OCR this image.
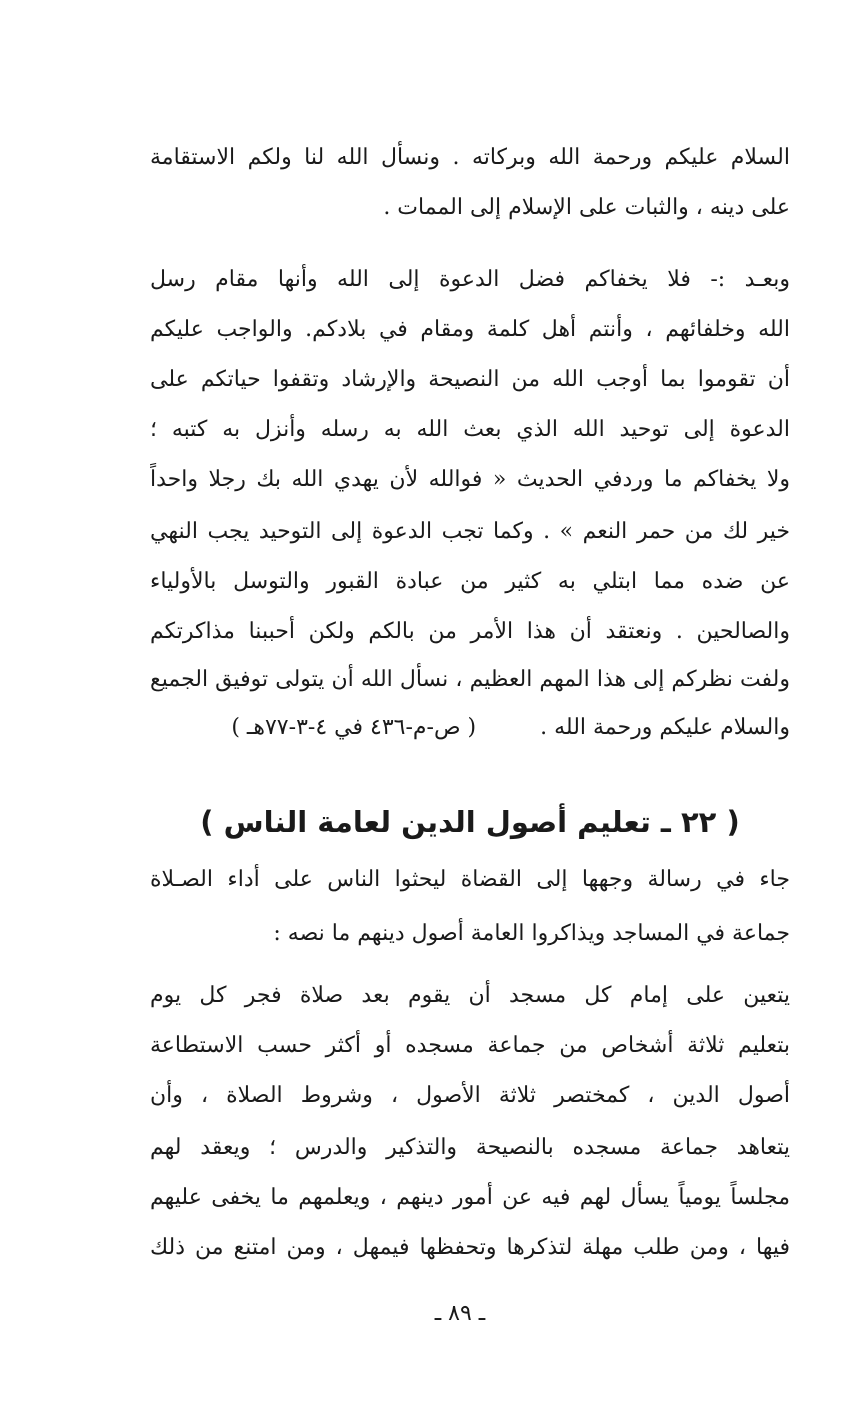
السلام عليكم ورحمة الله وبركاته . ونسأل الله لنا ولكم الاستقامة
على دينه ، والثبات على الإسلام إلى الممات .
وبعـد :- فلا يخفاكم فضل الدعوة إلى الله وأنها مقام رسل
الله وخلفائهم ، وأنتم أهل كلمة ومقام في بلادكم. والواجب عليكم
أن تقوموا بما أوجب الله من النصيحة والإرشاد وتقفوا حياتكم على
الدعوة إلى توحيد الله الذي بعث الله به رسله وأنزل به كتبه ؛
ولا يخفاكم ما وردفي الحديث « فوالله لأن يهدي الله بك رجلا واحداً
خير لك من حمر النعم » . وكما تجب الدعوة إلى التوحيد يجب النهي
عن ضده مما ابتلي به كثير من عبادة القبور والتوسل بالأولياء
والصالحين . ونعتقد أن هذا الأمر من بالكم ولكن أحببنا مذاكرتكم
ولفت نظركم إلى هذا المهم العظيم ، نسأل الله أن يتولى توفيق الجميع
والسلام عليكم ورحمة الله .  ( ص-م-٤٣٦ في ٤-٣-٧٧هـ )
( ٢٢ ـ تعليم أصول الدين لعامة الناس )
جاء في رسالة وجهها إلى القضاة ليحثوا الناس على أداء الصـلاة
جماعة في المساجد ويذاكروا العامة أصول دينهم ما نصه :
يتعين على إمام كل مسجد أن يقوم بعد صلاة فجر كل يوم
بتعليم ثلاثة أشخاص من جماعة مسجده أو أكثر حسب الاستطاعة
أصول الدين ، كمختصر ثلاثة الأصول ، وشروط الصلاة ، وأن
يتعاهد جماعة مسجده بالنصيحة والتذكير والدرس ؛ ويعقد لهم
مجلساً يومياً يسأل لهم فيه عن أمور دينهم ، ويعلمهم ما يخفى عليهم
فيها ، ومن طلب مهلة لتذكرها وتحفظها فيمهل ، ومن امتنع من ذلك
ـ ٨٩ ـ
